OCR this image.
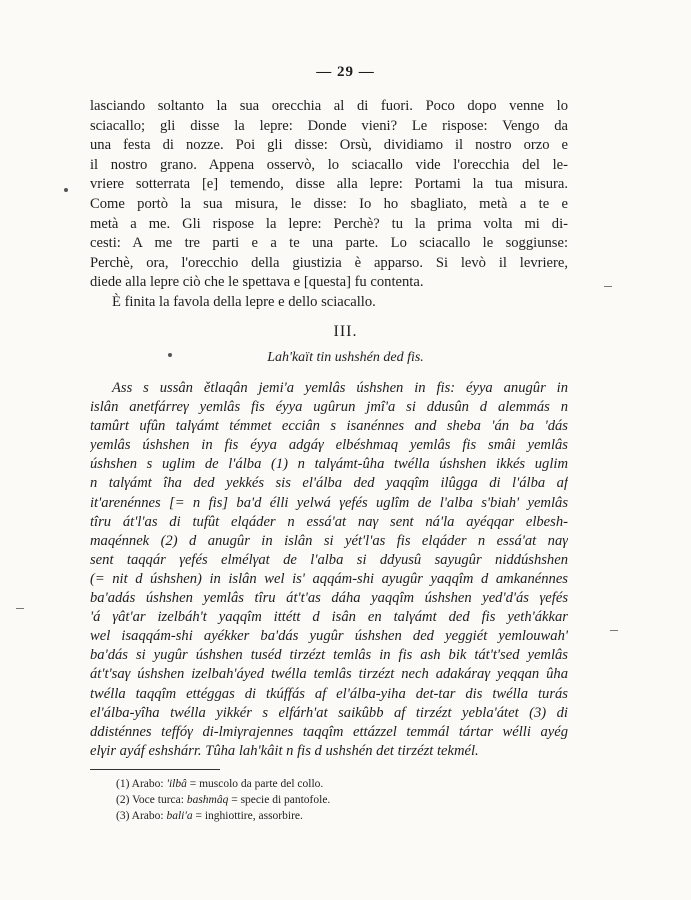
— 29 —
lasciando soltanto la sua orecchia al di fuori. Poco dopo venne lo
sciacallo; gli disse la lepre: Donde vieni? Le rispose: Vengo da
una festa di nozze. Poi gli disse: Orsù, dividiamo il nostro orzo e
il nostro grano. Appena osservò, lo sciacallo vide l'orecchia del le-
vriere sotterrata [e] temendo, disse alla lepre: Portami la tua misura.
Come portò la sua misura, le disse: Io ho sbagliato, metà a te e
metà a me. Gli rispose la lepre: Perchè? tu la prima volta mi di-
cesti: A me tre parti e a te una parte. Lo sciacallo le soggiunse:
Perchè, ora, l'orecchio della giustizia è apparso. Si levò il levriere,
diede alla lepre ciò che le spettava e [questa] fu contenta.
È finita la favola della lepre e dello sciacallo.
III.
Lah'kaït tin ushshén ded fis.
Ass s ussân ětlaqân jemi'a yemlâs úshshen in fis: éyya anugûr in
islân anetfárreγ yemlâs fis éyya ugûrun jmî'a si ddusûn d alemmás n
tamûrt ufûn talγámt témmet ecciân s isanénnes and sheba 'án ba 'dás
yemlâs úshshen in fis éyya adgáγ elbéshmaq yemlâs fis smâi yemlâs
úshshen s uglim de l'álba (1) n talγámt-ûha twélla úshshen ikkés uglim
n talγámt îha ded yekkés sis el'álba ded yaqqîm ilûgga di l'álba af
it'arenénnes [= n fis] ba'd élli yelwá γefés uglîm de l'alba s'biah' yemlâs
tîru át'l'as di tufût elqáder n essá'at naγ sent ná'la ayéqqar elbesh-
maqénnek (2) d anugûr in islân si yét'l'as fis elqáder n essá'at naγ
sent taqqár γefés elmélγat de l'alba si ddyusû sayugûr niddúshshen
(= nit d úshshen) in islân wel is' aqqám-shi ayugûr yaqqîm d amkanénnes
ba'adás úshshen yemlâs tîru át't'as dáha yaqqîm úshshen yed'd'ás γefés
'á γât'ar izelbáh't yaqqîm ittétt d isân en talγámt ded fis yeth'ákkar
wel isaqqám-shi ayékker ba'dás yugûr úshshen ded yeggiét yemlouwah'
ba'dás si yugûr úshshen tuséd tirzézt temlâs in fis ash bik tát't'sed yemlâs
át't'saγ úshshen izelbah'áyed twélla temlâs tirzézt nech adakáraγ yeqqan ûha
twélla taqqîm ettéggas di tkúffás af el'álba-yiha det-tar dis twélla turás
el'álba-yîha twélla yikkér s elfárh'at saikûbb af tirzézt yebla'átet (3) di
ddisténnes teffóγ di-lmiγrajennes taqqîm ettázzel temmál tártar wélli ayég
elγir ayáf eshshárr. Tûha lah'kâit n fis d ushshén det tirzézt tekmél.
(1) Arabo: 'ilbâ = muscolo da parte del collo.
(2) Voce turca: bashmâq = specie di pantofole.
(3) Arabo: bali'a = inghiottire, assorbire.
